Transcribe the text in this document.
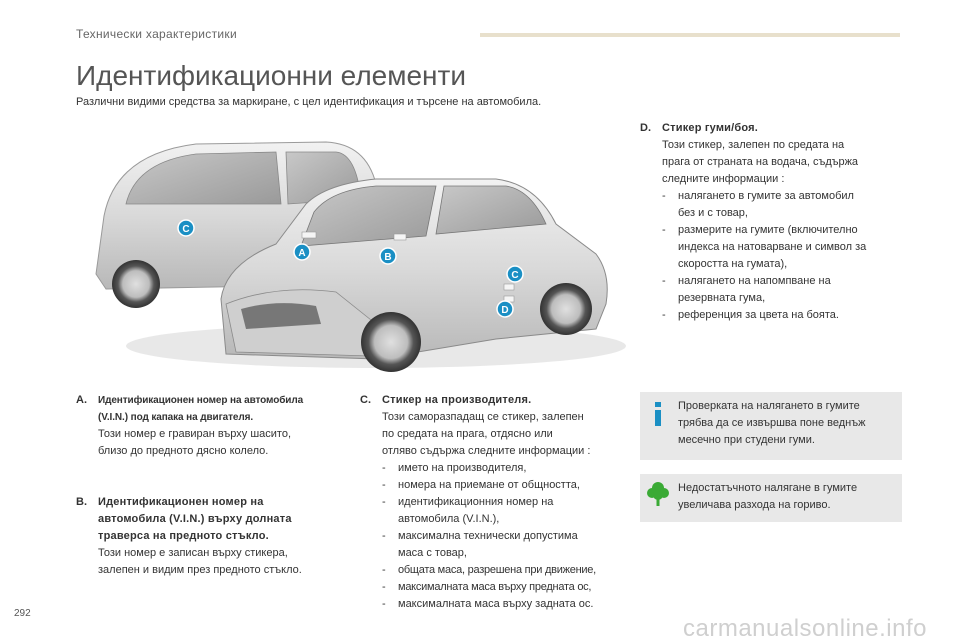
Технически характеристики
Идентификационни елементи
Различни видими средства за маркиране, с цел идентификация и търсене на автомобила.
C
A	B
C
D
A. Идентификационен номер на автомобила
(V.I.N.) под капака на двигателя.
Този номер е гравиран върху шасито,
близо до предното дясно колело.
B. Идентификационен номер на
автомобила (V.I.N.) върху долната
траверса на предното стъкло.
Този номер е записан върху стикера,
залепен и видим през предното стъкло.
C. Стикер на производителя.
Този саморазпадащ се стикер, залепен
по средата на прага, отдясно или
отляво съдържа следните информации :
- името на производителя,
- номера на приемане от общността,
- идентификационния номер на
автомобила (V.I.N.),
- максимална технически допустима
маса с товар,
- общата маса, разрешена при движение,
- максималната маса върху предната ос,
- максималната маса върху задната ос.
D. Стикер гуми/боя.
Този стикер, залепен по средата на
прага от страната на водача, съдържа
следните информации :
- налягането в гумите за автомобил
без и с товар,
- размерите на гумите (включително
индекса на натоварване и символ за
скоростта на гумата),
- налягането на напомпване на
резервната гума,
- референция за цвета на боята.
Проверката на налягането в гумите
трябва да се извършва поне веднъж
месечно при студени гуми.
Недостатъчното налягане в гумите
увеличава разхода на гориво.
292
carmanualsonline.info
